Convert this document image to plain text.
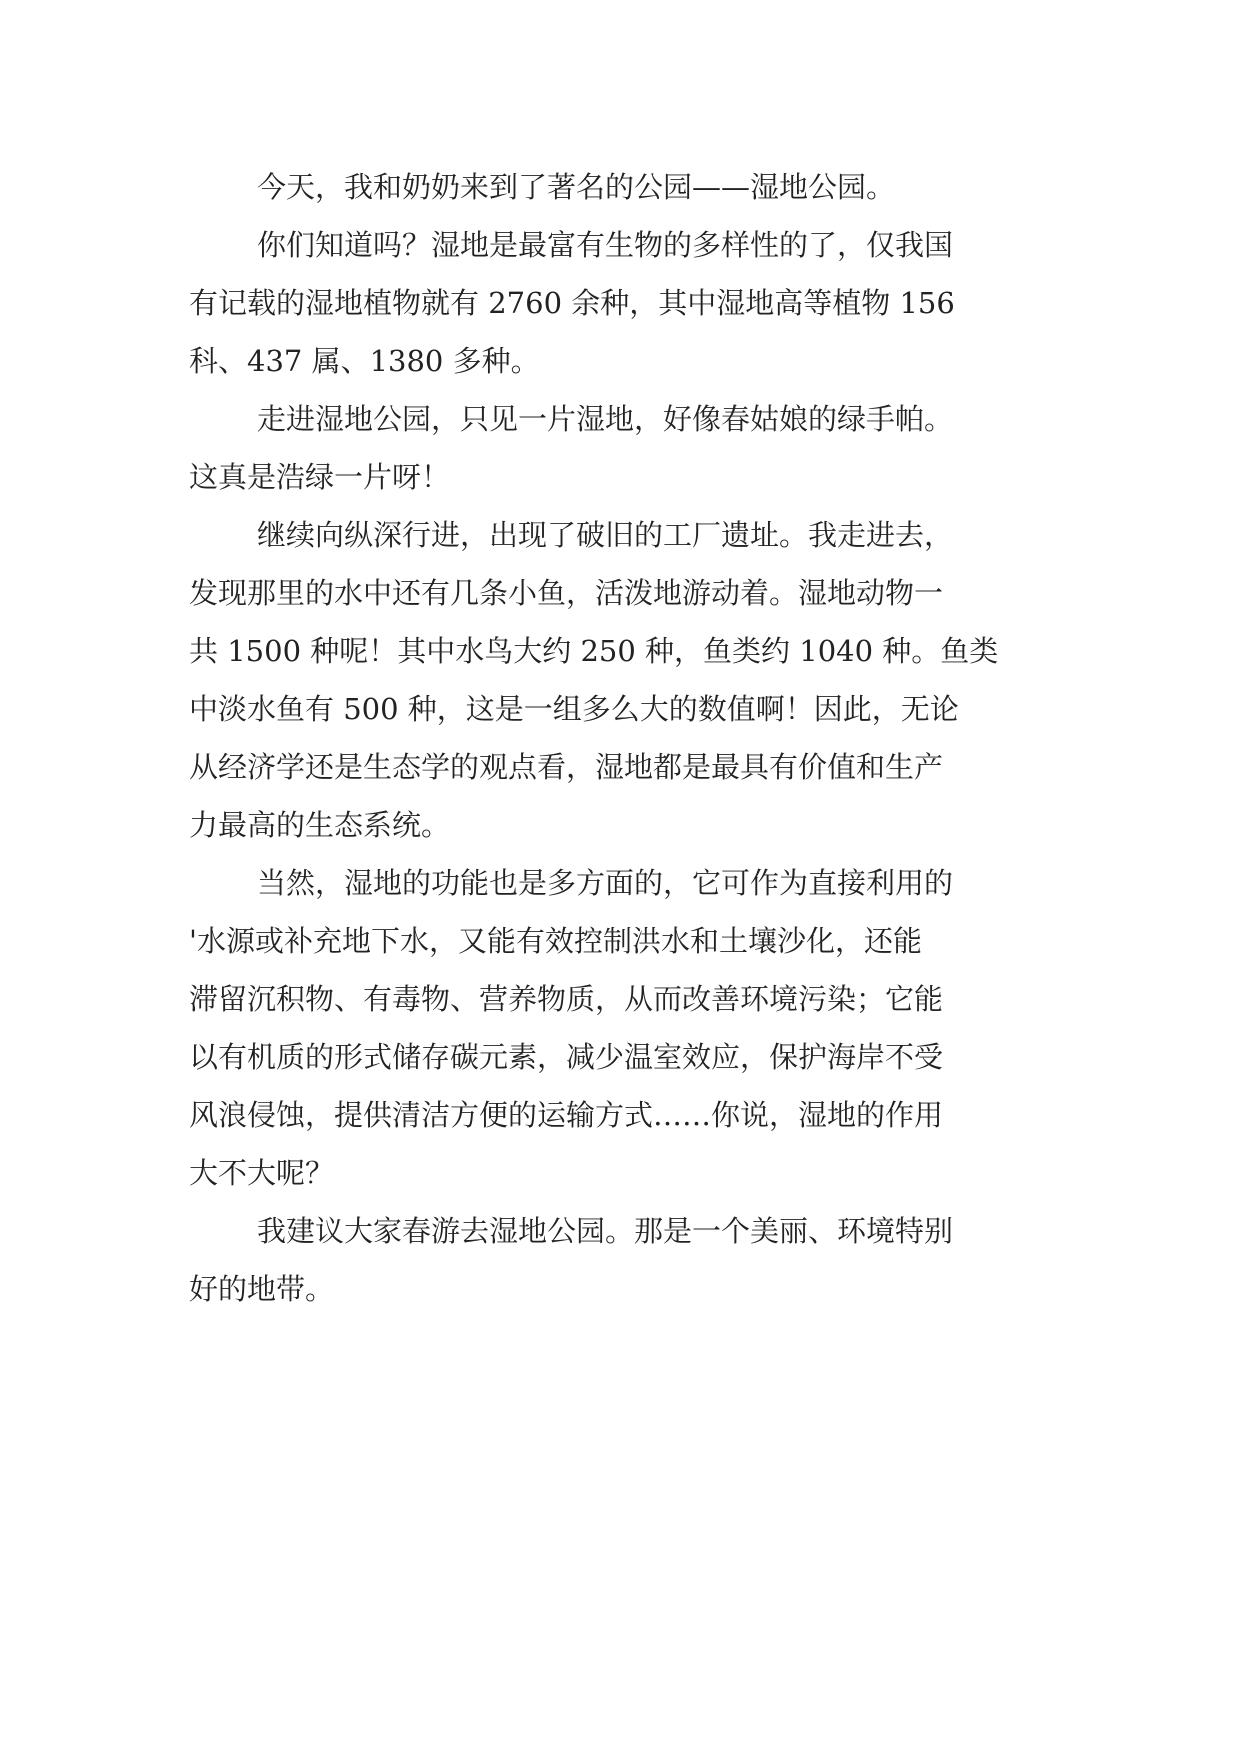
今天，我和奶奶来到了著名的公园——湿地公园。

你们知道吗？湿地是最富有生物的多样性的了，仅我国
有记载的湿地植物就有 2760 余种，其中湿地高等植物 156
科、437 属、1380 多种。

走进湿地公园，只见一片湿地，好像春姑娘的绿手帕。
这真是浩绿一片呀！

继续向纵深行进，出现了破旧的工厂遗址。我走进去，
发现那里的水中还有几条小鱼，活泼地游动着。湿地动物一
共 1500 种呢！其中水鸟大约 250 种，鱼类约 1040 种。鱼类
中淡水鱼有 500 种，这是一组多么大的数值啊！因此，无论
从经济学还是生态学的观点看，湿地都是最具有价值和生产
力最高的生态系统。

当然，湿地的功能也是多方面的，它可作为直接利用的
'水源或补充地下水，又能有效控制洪水和土壤沙化，还能
滞留沉积物、有毒物、营养物质，从而改善环境污染；它能
以有机质的形式储存碳元素，减少温室效应，保护海岸不受
风浪侵蚀，提供清洁方便的运输方式……你说，湿地的作用
大不大呢？

我建议大家春游去湿地公园。那是一个美丽、环境特别
好的地带。
